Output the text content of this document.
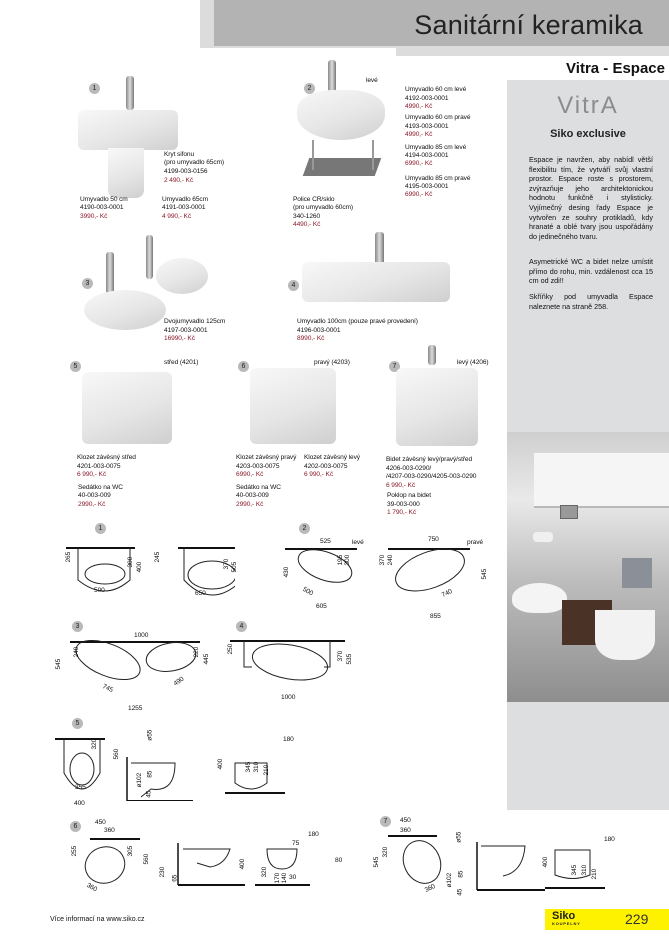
Sanitární keramika
Vitra - Espace
VitrA
Siko exclusive
Espace je navržen, aby nabídl větší flexibilitu tím, že vytváří svůj vlastní prostor. Espace roste s prostorem, zvýrazňuje jeho architektonickou hodnotu funkčně i stylisticky. Vyjímečný desing řady Espace je vytvořen ze souhry protikladů, kdy hranaté a oblé tvary jsou uspořádány do jedinečného tvaru.
Asymetrické WC a bidet nelze umístit přímo do rohu, min. vzdálenost cca 15 cm od zdi!!
Skříňky pod umyvadla Espace naleznete na straně 258.
1
Kryt sifonu
(pro umyvadlo 65cm)
4199-003-0156
2 490,- Kč
Umyvadlo 50 cm
4190-003-0001
3990,- Kč
Umyvadlo 65cm
4191-003-0001
4 990,- Kč
2
levé
Umyvadlo 60 cm levé
4192-003-0001
4990,- Kč
Umyvadlo 60 cm pravé
4193-003-0001
4990,- Kč
Umyvadlo 85 cm levé
4194-003-0001
6990,- Kč
Umyvadlo 85 cm pravé
4195-003-0001
6990,- Kč
Police CR/sklo
(pro umyvadlo 60cm)
340-1260
4490,- Kč
3
Dvojumyvadlo 125cm
4197-003-0001
16990,- Kč
4
Umyvadlo 100cm (pouze pravé provedení)
4196-003-0001
8990,- Kč
5
střed (4201)
Klozet závěsný střed
4201-003-0075
6 990,- Kč
Sedátko na WC
40-003-009
2990,- Kč
6
pravý (4203)
Klozet závěsný pravý
4203-003-0075
6990,- Kč
Sedátko na WC
40-003-009
2990,- Kč
Klozet závěsný levý
4202-003-0075
6 990,- Kč
7
levý (4206)
Bidet závěsný levý/pravý/střed
4206-003-0290/
/4207-003-0290/4205-003-0290
6 990,- Kč
Poklop na bidet
39-003-000
1 790,- Kč
1
265	300 400
500
245
370 505
650
2
levé	pravé
525
430
195 300
500
605
750
370 240
545
740
855
3
1000
545
240	220
445
745
490
1255
4
250
370 535
1000
5
320
560
355
400
ø55
ø102 85
45
400
180
345 310 210
6
450
360
255	305
560
360
230
65
400
180
75
80
320
170 140 30
7	450
360
545
320
360
ø55
ø102 85
45
400
180
345 310 210
Více informací na www.siko.cz	Siko
KOUPELNY	229
